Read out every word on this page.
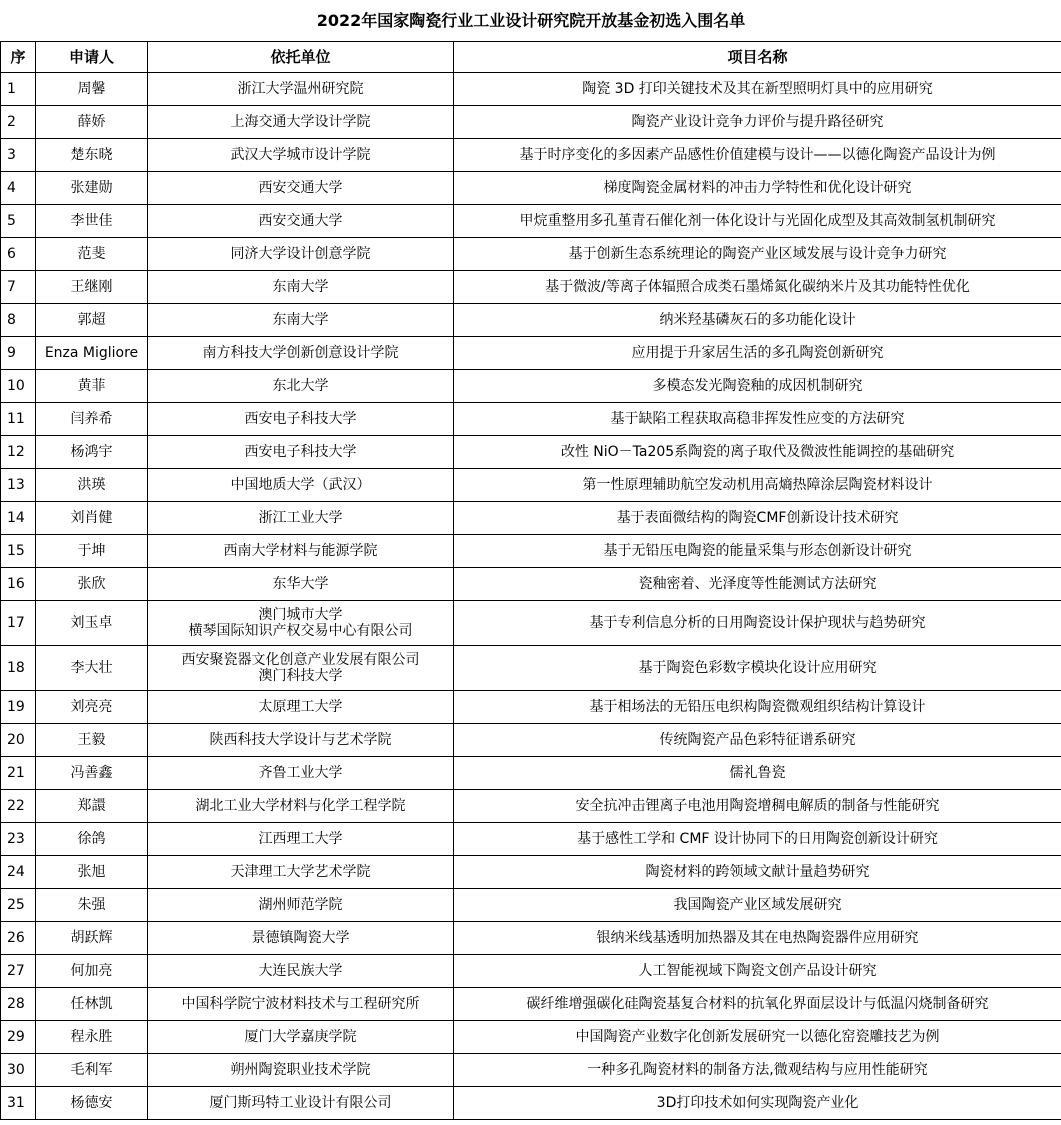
2022年国家陶瓷行业工业设计研究院开放基金初选入围名单			
序	申请人	依托单位	项目名称
1	周馨	浙江大学温州研究院	陶瓷 3D 打印关键技术及其在新型照明灯具中的应用研究
2	薛娇	上海交通大学设计学院	陶瓷产业设计竞争力评价与提升路径研究
3	楚东晓	武汉大学城市设计学院	基于时序变化的多因素产品感性价值建模与设计——以德化陶瓷产品设计为例
4	张建勋	西安交通大学	梯度陶瓷金属材料的冲击力学特性和优化设计研究
5	李世佳	西安交通大学	甲烷重整用多孔堇青石催化剂一体化设计与光固化成型及其高效制氢机制研究
6	范斐	同济大学设计创意学院	基于创新生态系统理论的陶瓷产业区域发展与设计竞争力研究
7	王继刚	东南大学	基于微波/等离子体辐照合成类石墨烯氮化碳纳米片及其功能特性优化
8	郭超	东南大学	纳米羟基磷灰石的多功能化设计
9	Enza Migliore	南方科技大学创新创意设计学院	应用提于升家居生活的多孔陶瓷创新研究
10	黄菲	东北大学	多模态发光陶瓷釉的成因机制研究
11	闫养希	西安电子科技大学	基于缺陷工程获取高稳非挥发性应变的方法研究
12	杨鸿宇	西安电子科技大学	改性 NiO－Ta205系陶瓷的离子取代及微波性能调控的基础研究
13	洪瑛	中国地质大学（武汉）	第一性原理辅助航空发动机用高熵热障涂层陶瓷材料设计
14	刘肖健	浙江工业大学	基于表面微结构的陶瓷CMF创新设计技术研究
15	于坤	西南大学材料与能源学院	基于无铅压电陶瓷的能量采集与形态创新设计研究
16	张欣	东华大学	瓷釉密着、光泽度等性能测试方法研究
17	刘玉卓	澳门城市大学
横琴国际知识产权交易中心有限公司	基于专利信息分析的日用陶瓷设计保护现状与趋势研究
18	李大壮	西安聚瓷器文化创意产业发展有限公司
澳门科技大学	基于陶瓷色彩数字模块化设计应用研究
19	刘亮亮	太原理工大学	基于相场法的无铅压电织构陶瓷微观组织结构计算设计
20	王毅	陕西科技大学设计与艺术学院	传统陶瓷产品色彩特征谱系研究
21	冯善鑫	齐鲁工业大学	儒礼鲁瓷
22	郑譞	湖北工业大学材料与化学工程学院	安全抗冲击锂离子电池用陶瓷增稠电解质的制备与性能研究
23	徐鸽	江西理工大学	基于感性工学和 CMF 设计协同下的日用陶瓷创新设计研究
24	张旭	天津理工大学艺术学院	陶瓷材料的跨领域文献计量趋势研究
25	朱强	湖州师范学院	我国陶瓷产业区域发展研究
26	胡跃辉	景德镇陶瓷大学	银纳米线基透明加热器及其在电热陶瓷器件应用研究
27	何加亮	大连民族大学	人工智能视域下陶瓷文创产品设计研究
28	任林凯	中国科学院宁波材料技术与工程研究所	碳纤维增强碳化硅陶瓷基复合材料的抗氧化界面层设计与低温闪烧制备研究
29	程永胜	厦门大学嘉庚学院	中国陶瓷产业数字化创新发展研究一以德化窑瓷雕技艺为例
30	毛利军	朔州陶瓷职业技术学院	一种多孔陶瓷材料的制备方法,微观结构与应用性能研究
31	杨德安	厦门斯玛特工业设计有限公司	3D打印技术如何实现陶瓷产业化
